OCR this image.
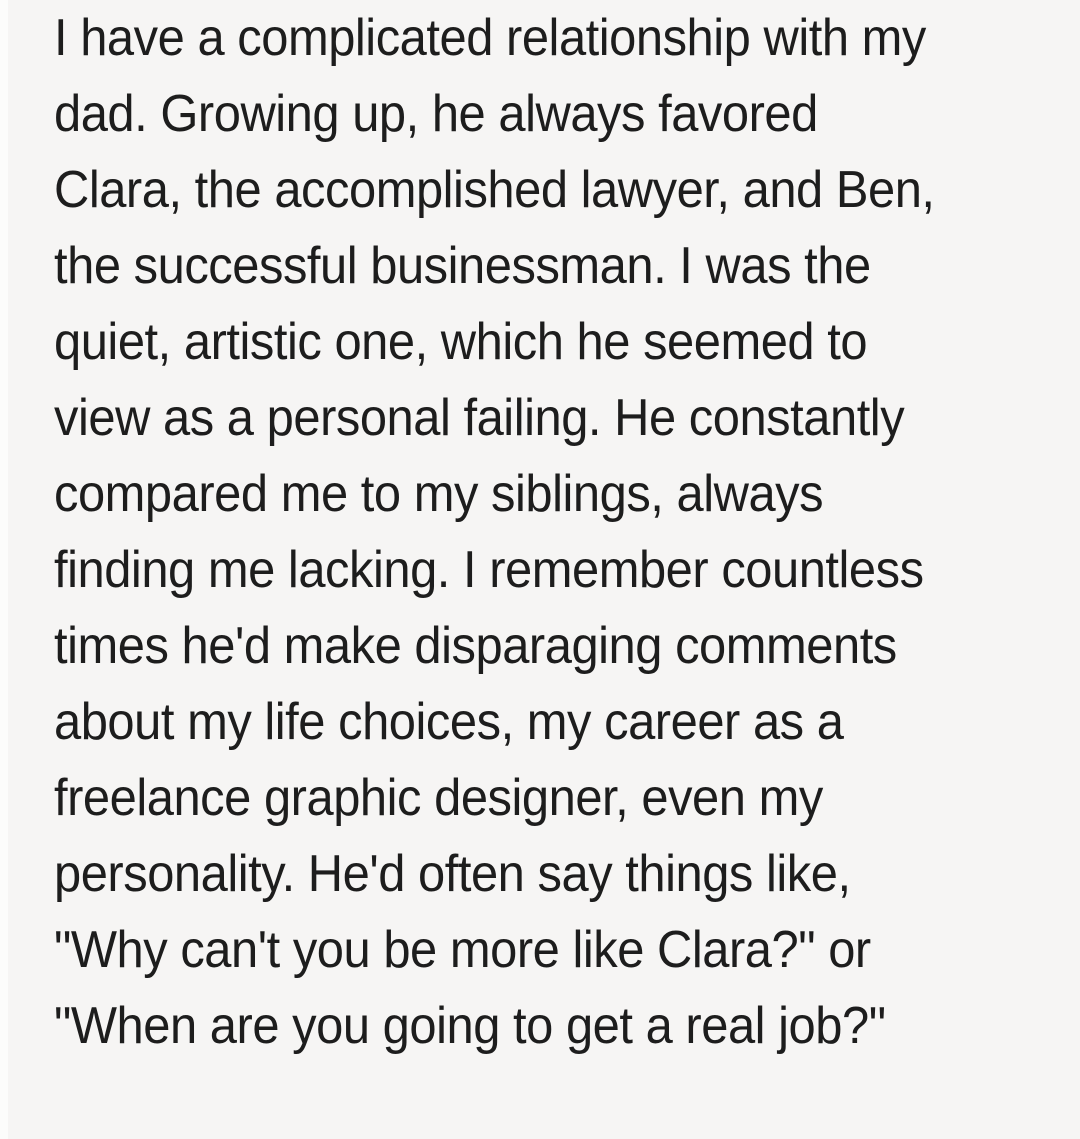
I have a complicated relationship with my
dad. Growing up, he always favored
Clara, the accomplished lawyer, and Ben,
the successful businessman. I was the
quiet, artistic one, which he seemed to
view as a personal failing. He constantly
compared me to my siblings, always
finding me lacking. I remember countless
times he'd make disparaging comments
about my life choices, my career as a
freelance graphic designer, even my
personality. He'd often say things like,
"Why can't you be more like Clara?" or
"When are you going to get a real job?"
